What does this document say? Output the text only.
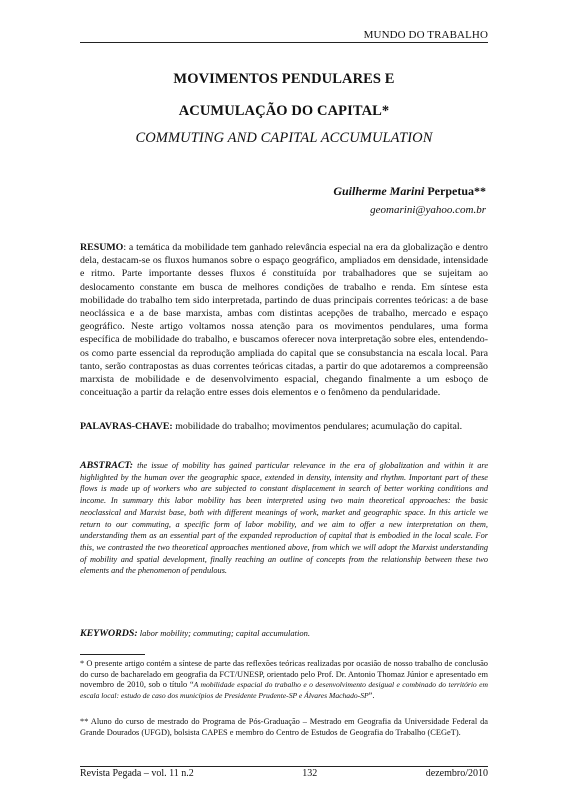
MUNDO DO TRABALHO
MOVIMENTOS PENDULARES E
ACUMULAÇÃO DO CAPITAL*
COMMUTING AND CAPITAL ACCUMULATION
Guilherme Marini Perpetua**
geomarini@yahoo.com.br
RESUMO: a temática da mobilidade tem ganhado relevância especial na era da globalização e dentro dela, destacam-se os fluxos humanos sobre o espaço geográfico, ampliados em densidade, intensidade e ritmo. Parte importante desses fluxos é constituída por trabalhadores que se sujeitam ao deslocamento constante em busca de melhores condições de trabalho e renda. Em síntese esta mobilidade do trabalho tem sido interpretada, partindo de duas principais correntes teóricas: a de base neoclássica e a de base marxista, ambas com distintas acepções de trabalho, mercado e espaço geográfico. Neste artigo voltamos nossa atenção para os movimentos pendulares, uma forma específica de mobilidade do trabalho, e buscamos oferecer nova interpretação sobre eles, entendendo-os como parte essencial da reprodução ampliada do capital que se consubstancia na escala local. Para tanto, serão contrapostas as duas correntes teóricas citadas, a partir do que adotaremos a compreensão marxista de mobilidade e de desenvolvimento espacial, chegando finalmente a um esboço de conceituação a partir da relação entre esses dois elementos e o fenômeno da pendularidade.
PALAVRAS-CHAVE: mobilidade do trabalho; movimentos pendulares; acumulação do capital.
ABSTRACT: the issue of mobility has gained particular relevance in the era of globalization and within it are highlighted by the human over the geographic space, extended in density, intensity and rhythm. Important part of these flows is made up of workers who are subjected to constant displacement in search of better working conditions and income. In summary this labor mobility has been interpreted using two main theoretical approaches: the basic neoclassical and Marxist base, both with different meanings of work, market and geographic space. In this article we return to our commuting, a specific form of labor mobility, and we aim to offer a new interpretation on them, understanding them as an essential part of the expanded reproduction of capital that is embodied in the local scale. For this, we contrasted the two theoretical approaches mentioned above, from which we will adopt the Marxist understanding of mobility and spatial development, finally reaching an outline of concepts from the relationship between these two elements and the phenomenon of pendulous.
KEYWORDS: labor mobility; commuting; capital accumulation.
* O presente artigo contém a síntese de parte das reflexões teóricas realizadas por ocasião de nosso trabalho de conclusão do curso de bacharelado em geografia da FCT/UNESP, orientado pelo Prof. Dr. Antonio Thomaz Júnior e apresentado em novembro de 2010, sob o título “A mobilidade espacial do trabalho e o desenvolvimento desigual e combinado do território em escala local: estudo de caso dos municípios de Presidente Prudente-SP e Álvares Machado-SP”.
** Aluno do curso de mestrado do Programa de Pós-Graduação – Mestrado em Geografia da Universidade Federal da Grande Dourados (UFGD), bolsista CAPES e membro do Centro de Estudos de Geografia do Trabalho (CEGeT).
Revista Pegada – vol. 11 n.2	132	dezembro/2010
